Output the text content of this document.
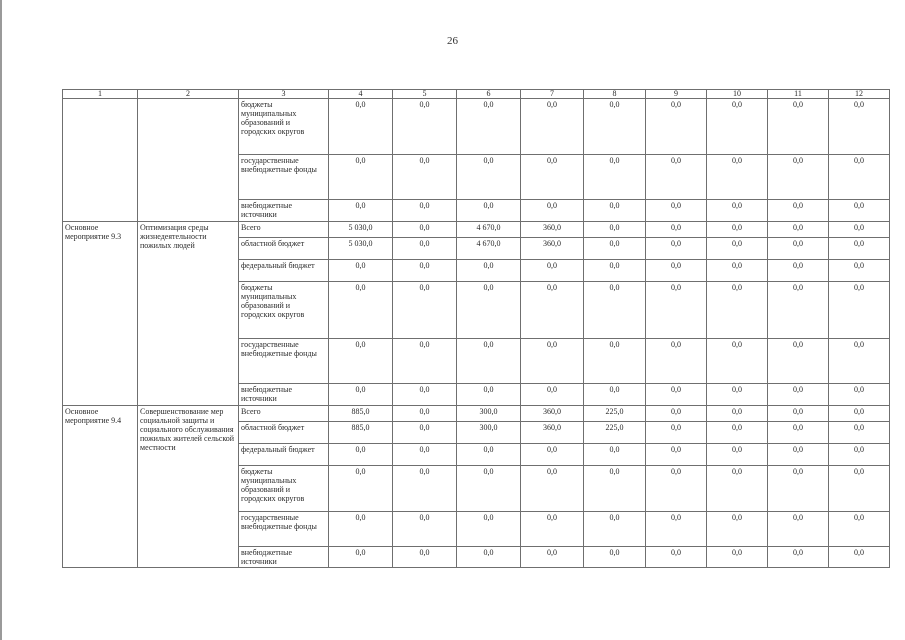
26
1	2	3	4	5	6	7	8	9	10	11	12
		бюджеты муниципальных образований и городских округов	0,0	0,0	0,0	0,0	0,0	0,0	0,0	0,0	0,0
		государственные внебюджетные фонды	0,0	0,0	0,0	0,0	0,0	0,0	0,0	0,0	0,0
		внебюджетные источники	0,0	0,0	0,0	0,0	0,0	0,0	0,0	0,0	0,0
Основное мероприятие 9.3	Оптимизация среды жизнедеятельности пожилых людей	Всего	5 030,0	0,0	4 670,0	360,0	0,0	0,0	0,0	0,0	0,0
		областной бюджет	5 030,0	0,0	4 670,0	360,0	0,0	0,0	0,0	0,0	0,0
		федеральный бюджет	0,0	0,0	0,0	0,0	0,0	0,0	0,0	0,0	0,0
		бюджеты муниципальных образований и городских округов	0,0	0,0	0,0	0,0	0,0	0,0	0,0	0,0	0,0
		государственные внебюджетные фонды	0,0	0,0	0,0	0,0	0,0	0,0	0,0	0,0	0,0
		внебюджетные источники	0,0	0,0	0,0	0,0	0,0	0,0	0,0	0,0	0,0
Основное мероприятие 9.4	Совершенствование мер социальной защиты и социального обслуживания пожилых жителей сельской местности	Всего	885,0	0,0	300,0	360,0	225,0	0,0	0,0	0,0	0,0
		областной бюджет	885,0	0,0	300,0	360,0	225,0	0,0	0,0	0,0	0,0
		федеральный бюджет	0,0	0,0	0,0	0,0	0,0	0,0	0,0	0,0	0,0
		бюджеты муниципальных образований и городских округов	0,0	0,0	0,0	0,0	0,0	0,0	0,0	0,0	0,0
		государственные внебюджетные фонды	0,0	0,0	0,0	0,0	0,0	0,0	0,0	0,0	0,0
		внебюджетные источники	0,0	0,0	0,0	0,0	0,0	0,0	0,0	0,0	0,0
